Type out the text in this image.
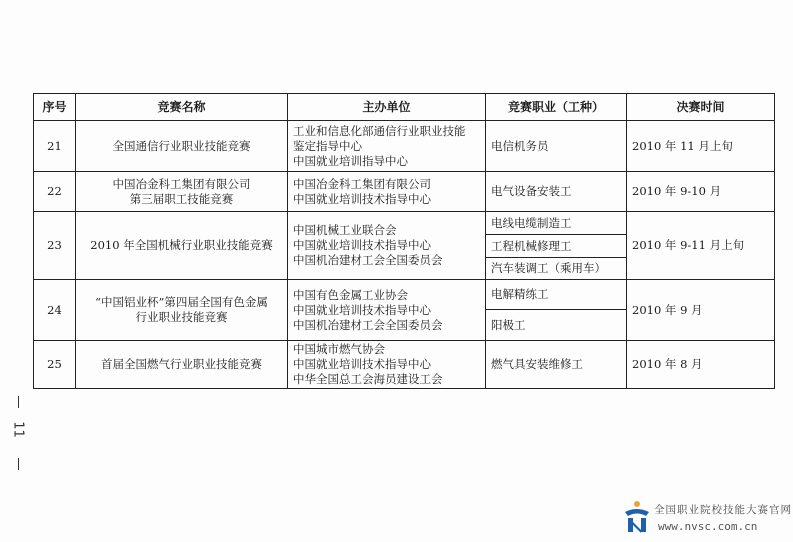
序号	竞赛名称	主办单位	竞赛职业（工种）	决赛时间
21	全国通信行业职业技能竞赛	工业和信息化部通信行业职业技能
鉴定指导中心
中国就业培训指导中心	电信机务员	2010 年 11 月上旬
22	中国冶金科工集团有限公司
第三届职工技能竞赛	中国冶金科工集团有限公司
中国就业培训技术指导中心	电气设备安装工	2010 年 9-10 月
23	2010 年全国机械行业职业技能竞赛	中国机械工业联合会
中国就业培训技术指导中心
中国机冶建材工会全国委员会	电线电缆制造工	2010 年 9-11 月上旬
			工程机械修理工	
			汽车装调工（乘用车）	
24	“中国铝业杯”第四届全国有色金属
行业职业技能竞赛	中国有色金属工业协会
中国就业培训技术指导中心
中国机冶建材工会全国委员会	电解精练工	2010 年 9 月
			阳极工	
25	首届全国燃气行业职业技能竞赛	中国城市燃气协会
中国就业培训技术指导中心
中华全国总工会海员建设工会	燃气具安装维修工	2010 年 8 月
11
全国职业院校技能大赛官网
www.nvsc.com.cn
